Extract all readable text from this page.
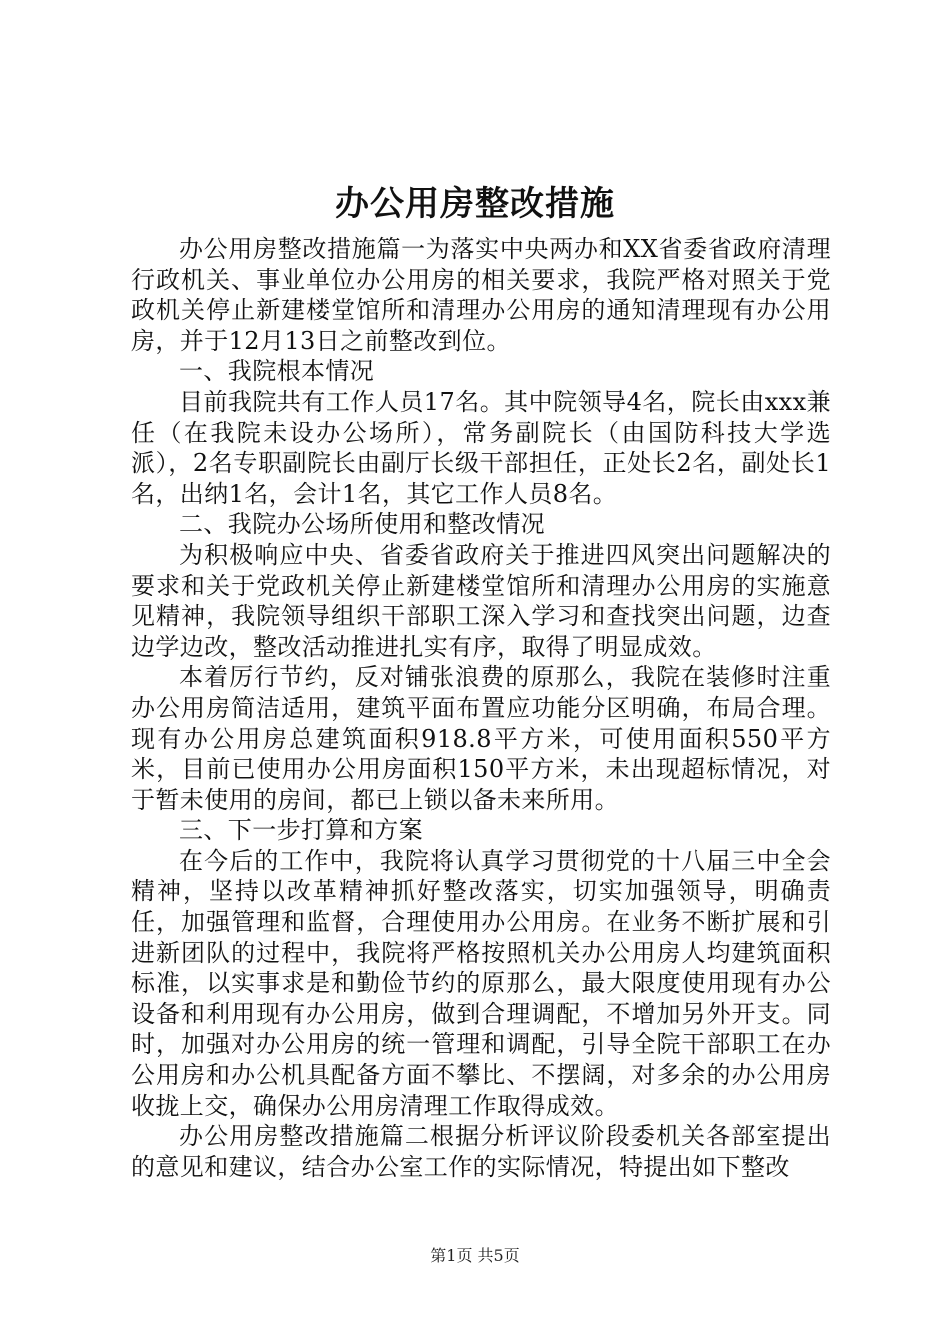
办公用房整改措施

办公用房整改措施篇一为落实中央两办和XX省委省政府清理行政机关、事业单位办公用房的相关要求，我院严格对照关于党政机关停止新建楼堂馆所和清理办公用房的通知清理现有办公用房，并于12月13日之前整改到位。

一、我院根本情况

目前我院共有工作人员17名。其中院领导4名，院长由xxx兼任（在我院未设办公场所），常务副院长（由国防科技大学选派），2名专职副院长由副厅长级干部担任，正处长2名，副处长1名，出纳1名，会计1名，其它工作人员8名。

二、我院办公场所使用和整改情况

为积极响应中央、省委省政府关于推进四风突出问题解决的要求和关于党政机关停止新建楼堂馆所和清理办公用房的实施意见精神，我院领导组织干部职工深入学习和查找突出问题，边查边学边改，整改活动推进扎实有序，取得了明显成效。

本着厉行节约，反对铺张浪费的原那么，我院在装修时注重办公用房简洁适用，建筑平面布置应功能分区明确，布局合理。现有办公用房总建筑面积918.8平方米，可使用面积550平方米，目前已使用办公用房面积150平方米，未出现超标情况，对于暂未使用的房间，都已上锁以备未来所用。

三、下一步打算和方案

在今后的工作中，我院将认真学习贯彻党的十八届三中全会精神，坚持以改革精神抓好整改落实，切实加强领导，明确责任，加强管理和监督，合理使用办公用房。在业务不断扩展和引进新团队的过程中，我院将严格按照机关办公用房人均建筑面积标准，以实事求是和勤俭节约的原那么，最大限度使用现有办公设备和利用现有办公用房，做到合理调配，不增加另外开支。同时，加强对办公用房的统一管理和调配，引导全院干部职工在办公用房和办公机具配备方面不攀比、不摆阔，对多余的办公用房收拢上交，确保办公用房清理工作取得成效。

办公用房整改措施篇二根据分析评议阶段委机关各部室提出的意见和建议，结合办公室工作的实际情况，特提出如下整改

第1页 共5页
